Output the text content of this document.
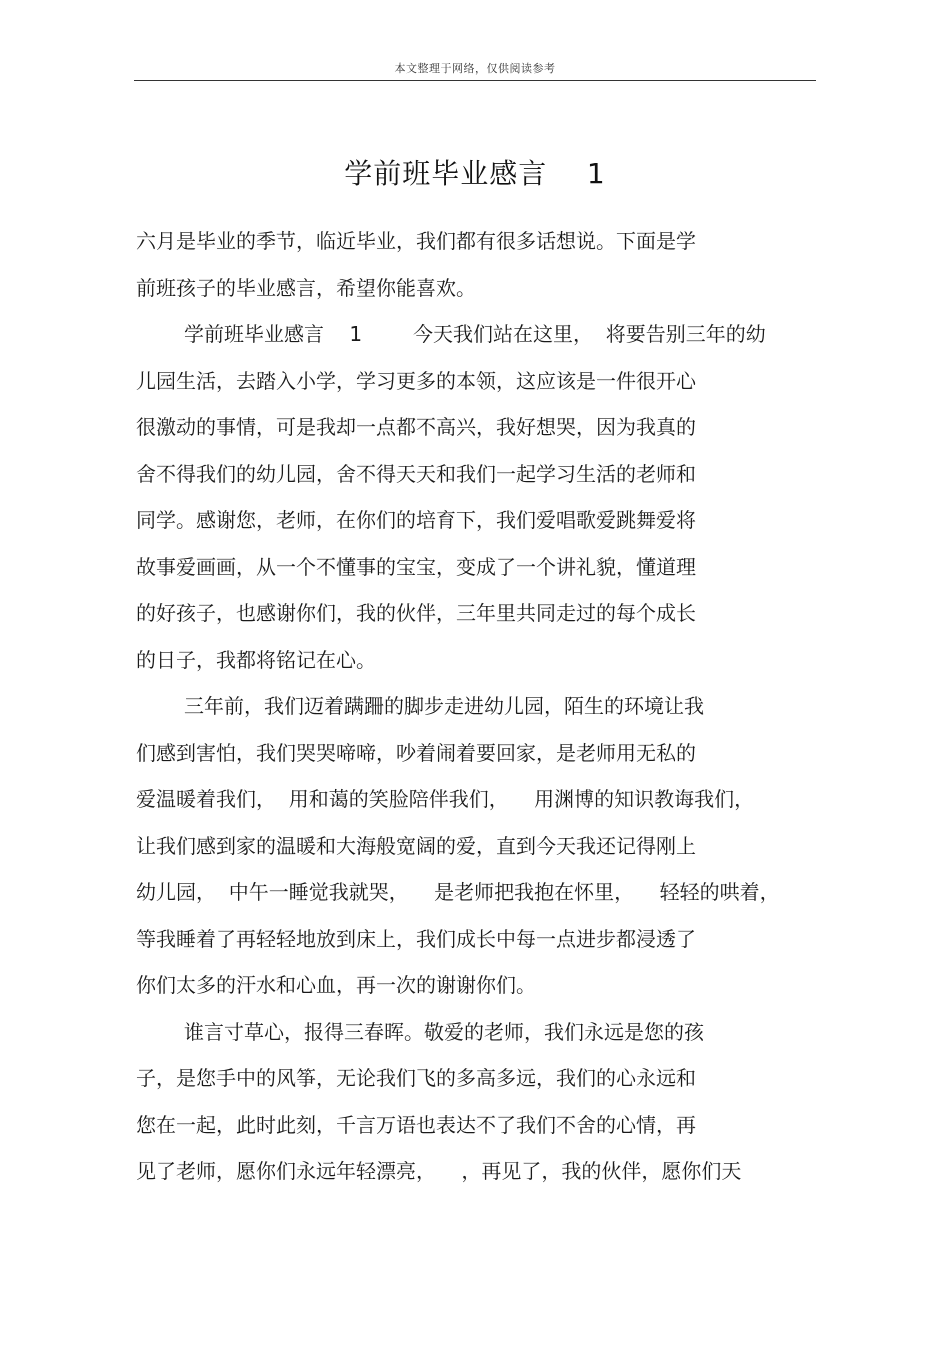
本文整理于网络，仅供阅读参考
学前班毕业感言    1
六月是毕业的季节，临近毕业，我们都有很多话想说。下面是学
前班孩子的毕业感言，希望你能喜欢。
学前班毕业感言    1        今天我们站在这里，  将要告别三年的幼
儿园生活，去踏入小学，学习更多的本领，这应该是一件很开心
很激动的事情，可是我却一点都不高兴，我好想哭，因为我真的
舍不得我们的幼儿园，舍不得天天和我们一起学习生活的老师和
同学。感谢您，老师，在你们的培育下，我们爱唱歌爱跳舞爱将
故事爱画画，从一个不懂事的宝宝，变成了一个讲礼貌，懂道理
的好孩子，也感谢你们，我的伙伴，三年里共同走过的每个成长
的日子，我都将铭记在心。
三年前，我们迈着蹒跚的脚步走进幼儿园，陌生的环境让我
们感到害怕，我们哭哭啼啼，吵着闹着要回家，是老师用无私的
爱温暖着我们，  用和蔼的笑脸陪伴我们，    用渊博的知识教诲我们，
让我们感到家的温暖和大海般宽阔的爱，直到今天我还记得刚上
幼儿园，  中午一睡觉我就哭，    是老师把我抱在怀里，    轻轻的哄着，
等我睡着了再轻轻地放到床上，我们成长中每一点进步都浸透了
你们太多的汗水和心血，再一次的谢谢你们。
谁言寸草心，报得三春晖。敬爱的老师，我们永远是您的孩
子，是您手中的风筝，无论我们飞的多高多远，我们的心永远和
您在一起，此时此刻，千言万语也表达不了我们不舍的心情，再
见了老师，愿你们永远年轻漂亮，    ，再见了，我的伙伴，愿你们天
